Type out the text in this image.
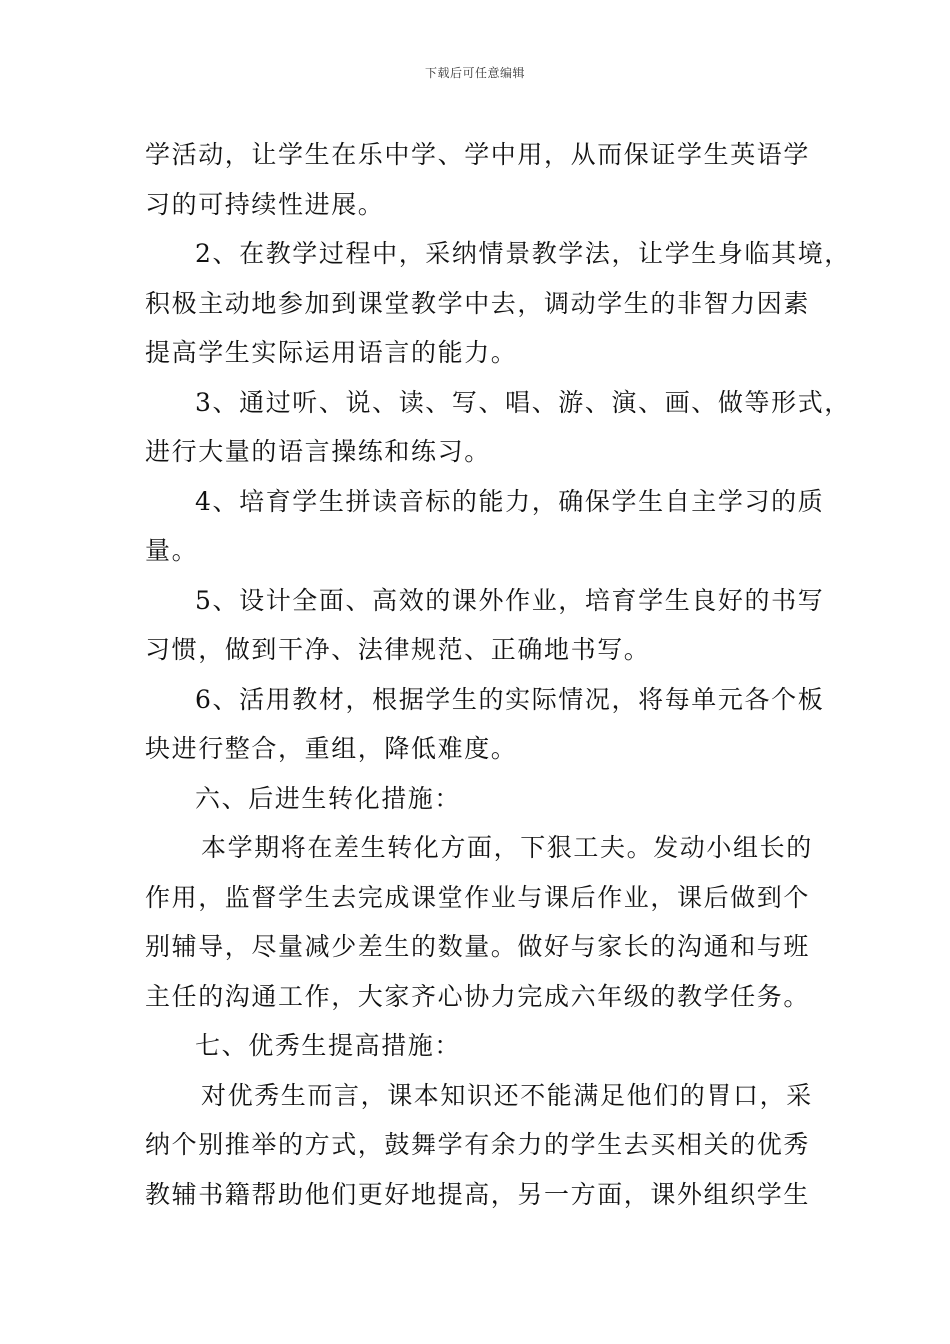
下载后可任意编辑

学活动，让学生在乐中学、学中用，从而保证学生英语学
习的可持续性进展。

2、在教学过程中，采纳情景教学法，让学生身临其境，
积极主动地参加到课堂教学中去，调动学生的非智力因素
提高学生实际运用语言的能力。

3、通过听、说、读、写、唱、游、演、画、做等形式，
进行大量的语言操练和练习。

4、培育学生拼读音标的能力，确保学生自主学习的质
量。

5、设计全面、高效的课外作业，培育学生良好的书写
习惯，做到干净、法律规范、正确地书写。

6、活用教材，根据学生的实际情况，将每单元各个板
块进行整合，重组，降低难度。

六、后进生转化措施：

本学期将在差生转化方面，下狠工夫。发动小组长的
作用，监督学生去完成课堂作业与课后作业，课后做到个
别辅导，尽量减少差生的数量。做好与家长的沟通和与班
主任的沟通工作，大家齐心协力完成六年级的教学任务。

七、优秀生提高措施：

对优秀生而言，课本知识还不能满足他们的胃口，采
纳个别推举的方式，鼓舞学有余力的学生去买相关的优秀
教辅书籍帮助他们更好地提高，另一方面，课外组织学生
